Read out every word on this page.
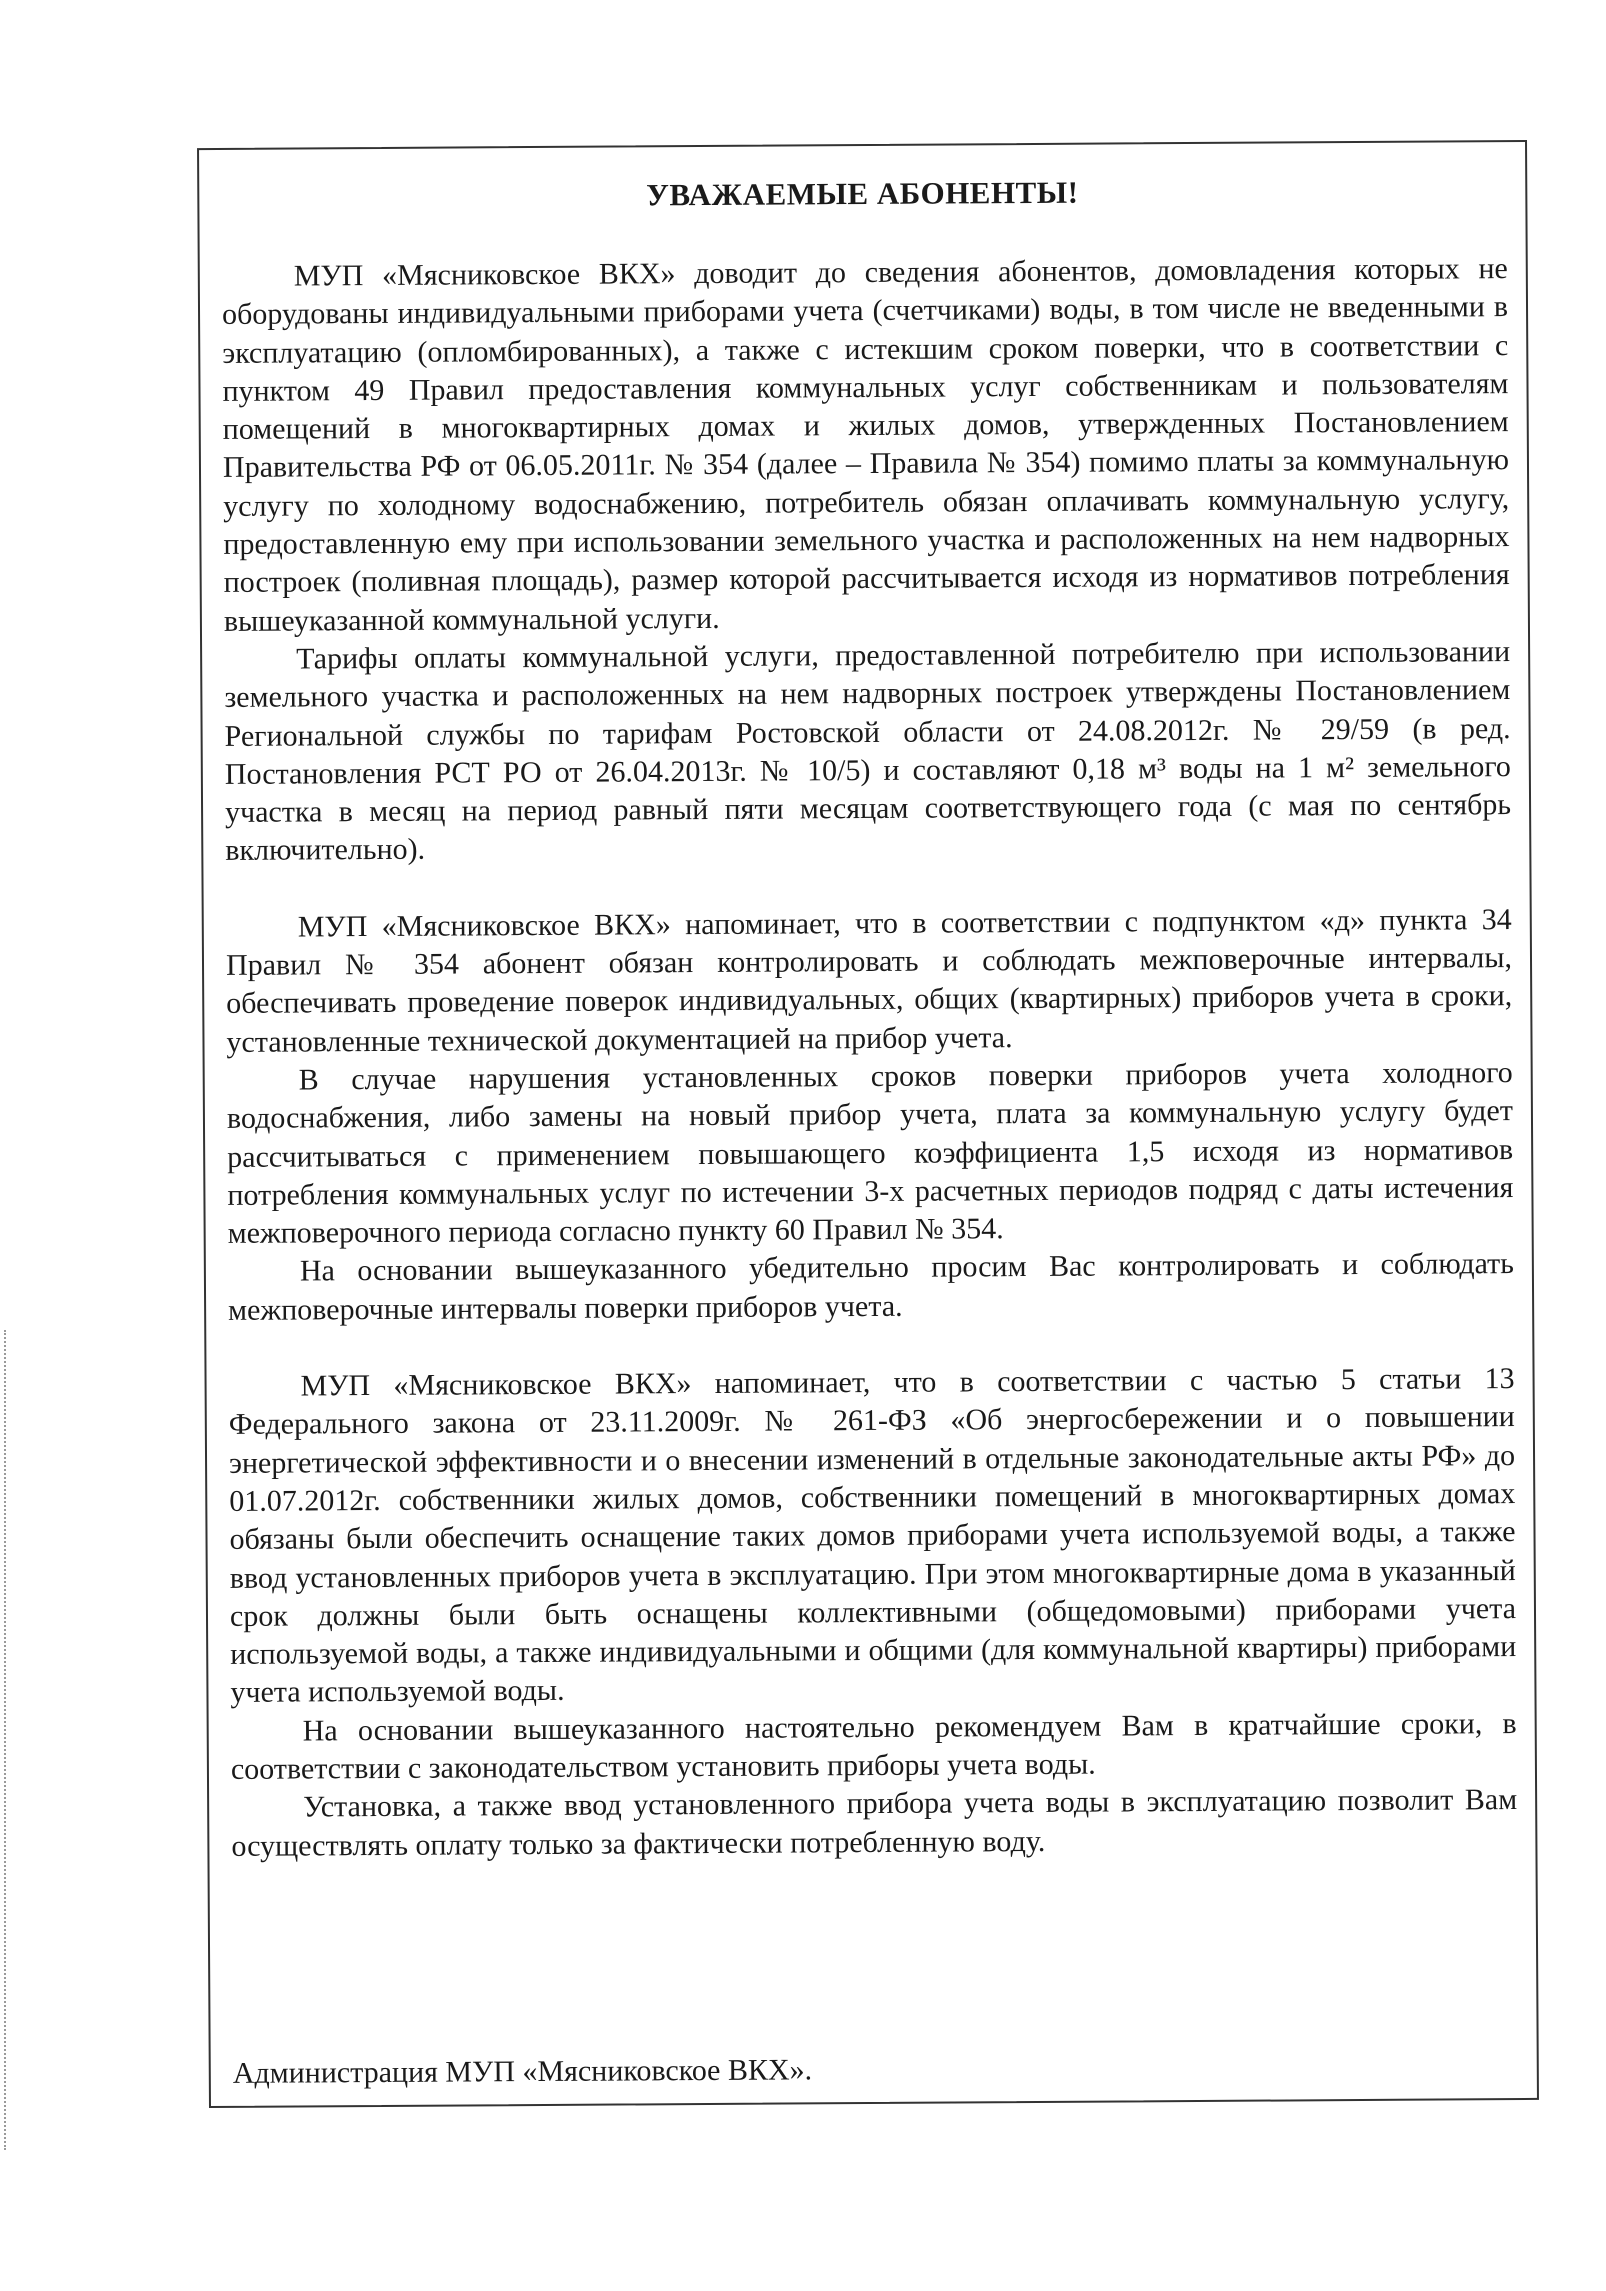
УВАЖАЕМЫЕ АБОНЕНТЫ!

МУП «Мясниковское ВКХ» доводит до сведения абонентов, домовладения которых не оборудованы индивидуальными приборами учета (счетчиками) воды, в том числе не введенными в эксплуатацию (опломбированных), а также с истекшим сроком поверки, что в соответствии с пунктом 49 Правил предоставления коммунальных услуг собственникам и пользователям помещений в многоквартирных домах и жилых домов, утвержденных Постановлением Правительства РФ от 06.05.2011г. № 354 (далее – Правила № 354) помимо платы за коммунальную услугу по холодному водоснабжению, потребитель обязан оплачивать коммунальную услугу, предоставленную ему при использовании земельного участка и расположенных на нем надворных построек (поливная площадь), размер которой рассчитывается исходя из нормативов потребления вышеуказанной коммунальной услуги.

Тарифы оплаты коммунальной услуги, предоставленной потребителю при использовании земельного участка и расположенных на нем надворных построек утверждены Постановлением Региональной службы по тарифам Ростовской области от 24.08.2012г. № 29/59 (в ред. Постановления РСТ РО от 26.04.2013г. № 10/5) и составляют 0,18 м³ воды на 1 м² земельного участка в месяц на период равный пяти месяцам соответствующего года (с мая по сентябрь включительно).

МУП «Мясниковское ВКХ» напоминает, что в соответствии с подпунктом «д» пункта 34 Правил № 354 абонент обязан контролировать и соблюдать межповерочные интервалы, обеспечивать проведение поверок индивидуальных, общих (квартирных) приборов учета в сроки, установленные технической документацией на прибор учета.

В случае нарушения установленных сроков поверки приборов учета холодного водоснабжения, либо замены на новый прибор учета, плата за коммунальную услугу будет рассчитываться с применением повышающего коэффициента 1,5 исходя из нормативов потребления коммунальных услуг по истечении 3-х расчетных периодов подряд с даты истечения межповерочного периода согласно пункту 60 Правил № 354.

На основании вышеуказанного убедительно просим Вас контролировать и соблюдать межповерочные интервалы поверки приборов учета.

МУП «Мясниковское ВКХ» напоминает, что в соответствии с частью 5 статьи 13 Федерального закона от 23.11.2009г. № 261-ФЗ «Об энергосбережении и о повышении энергетической эффективности и о внесении изменений в отдельные законодательные акты РФ» до 01.07.2012г. собственники жилых домов, собственники помещений в многоквартирных домах обязаны были обеспечить оснащение таких домов приборами учета используемой воды, а также ввод установленных приборов учета в эксплуатацию. При этом многоквартирные дома в указанный срок должны были быть оснащены коллективными (общедомовыми) приборами учета используемой воды, а также индивидуальными и общими (для коммунальной квартиры) приборами учета используемой воды.

На основании вышеуказанного настоятельно рекомендуем Вам в кратчайшие сроки, в соответствии с законодательством установить приборы учета воды.

Установка, а также ввод установленного прибора учета воды в эксплуатацию позволит Вам осуществлять оплату только за фактически потребленную воду.

Администрация МУП «Мясниковское ВКХ».
